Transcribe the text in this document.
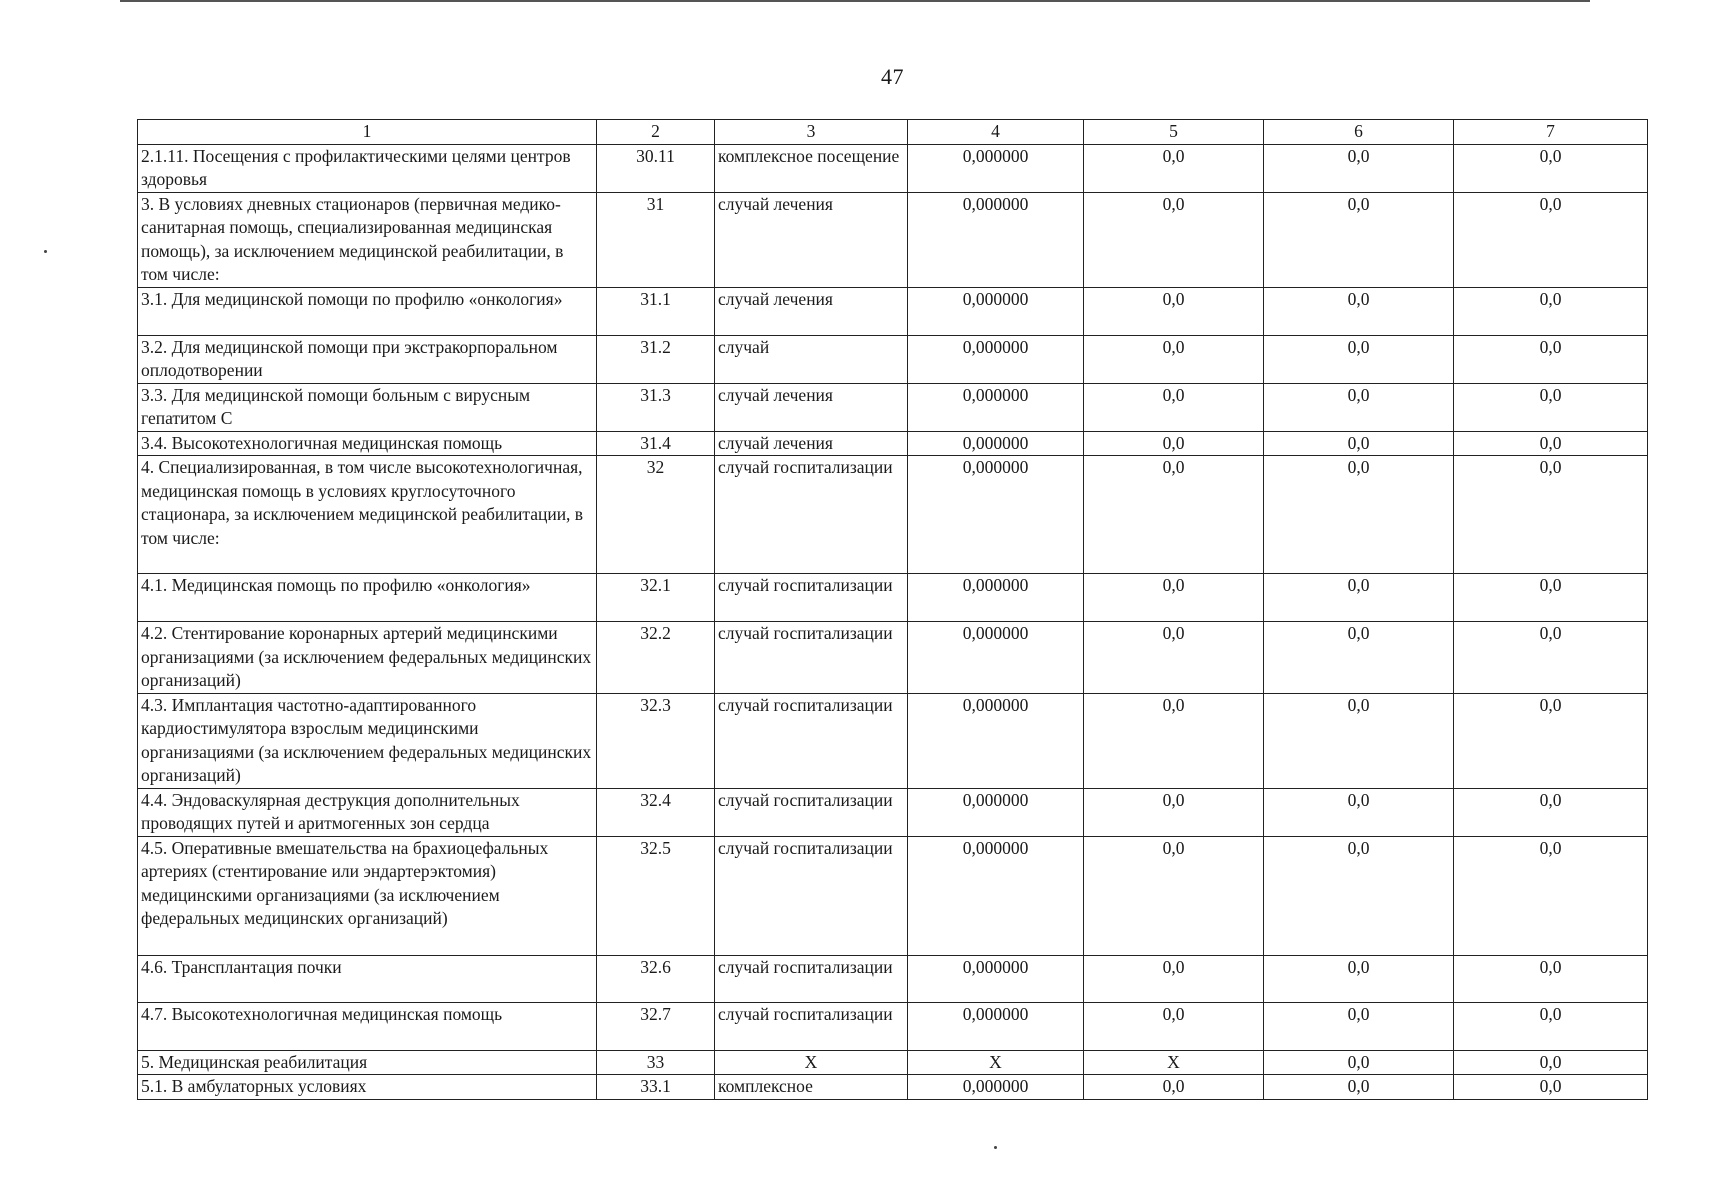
47
1	2	3	4	5	6	7
2.1.11. Посещения с профилактическими целями центров здоровья	30.11	комплексное посещение	0,000000	0,0	0,0	0,0
3. В условиях дневных стационаров (первичная медико-санитарная помощь, специализированная медицинская помощь), за исключением медицинской реабилитации, в том числе:	31	случай лечения	0,000000	0,0	0,0	0,0
3.1. Для медицинской помощи по профилю «онкология»	31.1	случай лечения	0,000000	0,0	0,0	0,0
3.2. Для медицинской помощи при экстракорпоральном оплодотворении	31.2	случай	0,000000	0,0	0,0	0,0
3.3. Для медицинской помощи больным с вирусным гепатитом С	31.3	случай лечения	0,000000	0,0	0,0	0,0
3.4. Высокотехнологичная медицинская помощь	31.4	случай лечения	0,000000	0,0	0,0	0,0
4. Специализированная, в том числе высокотехнологичная, медицинская помощь в условиях круглосуточного стационара, за исключением медицинской реабилитации, в том числе:	32	случай госпитализации	0,000000	0,0	0,0	0,0
4.1. Медицинская помощь по профилю «онкология»	32.1	случай госпитализации	0,000000	0,0	0,0	0,0
4.2. Стентирование коронарных артерий медицинскими организациями (за исключением федеральных медицинских организаций)	32.2	случай госпитализации	0,000000	0,0	0,0	0,0
4.3. Имплантация частотно-адаптированного кардиостимулятора взрослым медицинскими организациями (за исключением федеральных медицинских организаций)	32.3	случай госпитализации	0,000000	0,0	0,0	0,0
4.4. Эндоваскулярная деструкция дополнительных проводящих путей и аритмогенных зон сердца	32.4	случай госпитализации	0,000000	0,0	0,0	0,0
4.5. Оперативные вмешательства на брахиоцефальных артериях (стентирование или эндартерэктомия) медицинскими организациями (за исключением федеральных медицинских организаций)	32.5	случай госпитализации	0,000000	0,0	0,0	0,0
4.6. Трансплантация почки	32.6	случай госпитализации	0,000000	0,0	0,0	0,0
4.7. Высокотехнологичная медицинская помощь	32.7	случай госпитализации	0,000000	0,0	0,0	0,0
5. Медицинская реабилитация	33	X	X	X	0,0	0,0
5.1. В амбулаторных условиях	33.1	комплексное	0,000000	0,0	0,0	0,0
